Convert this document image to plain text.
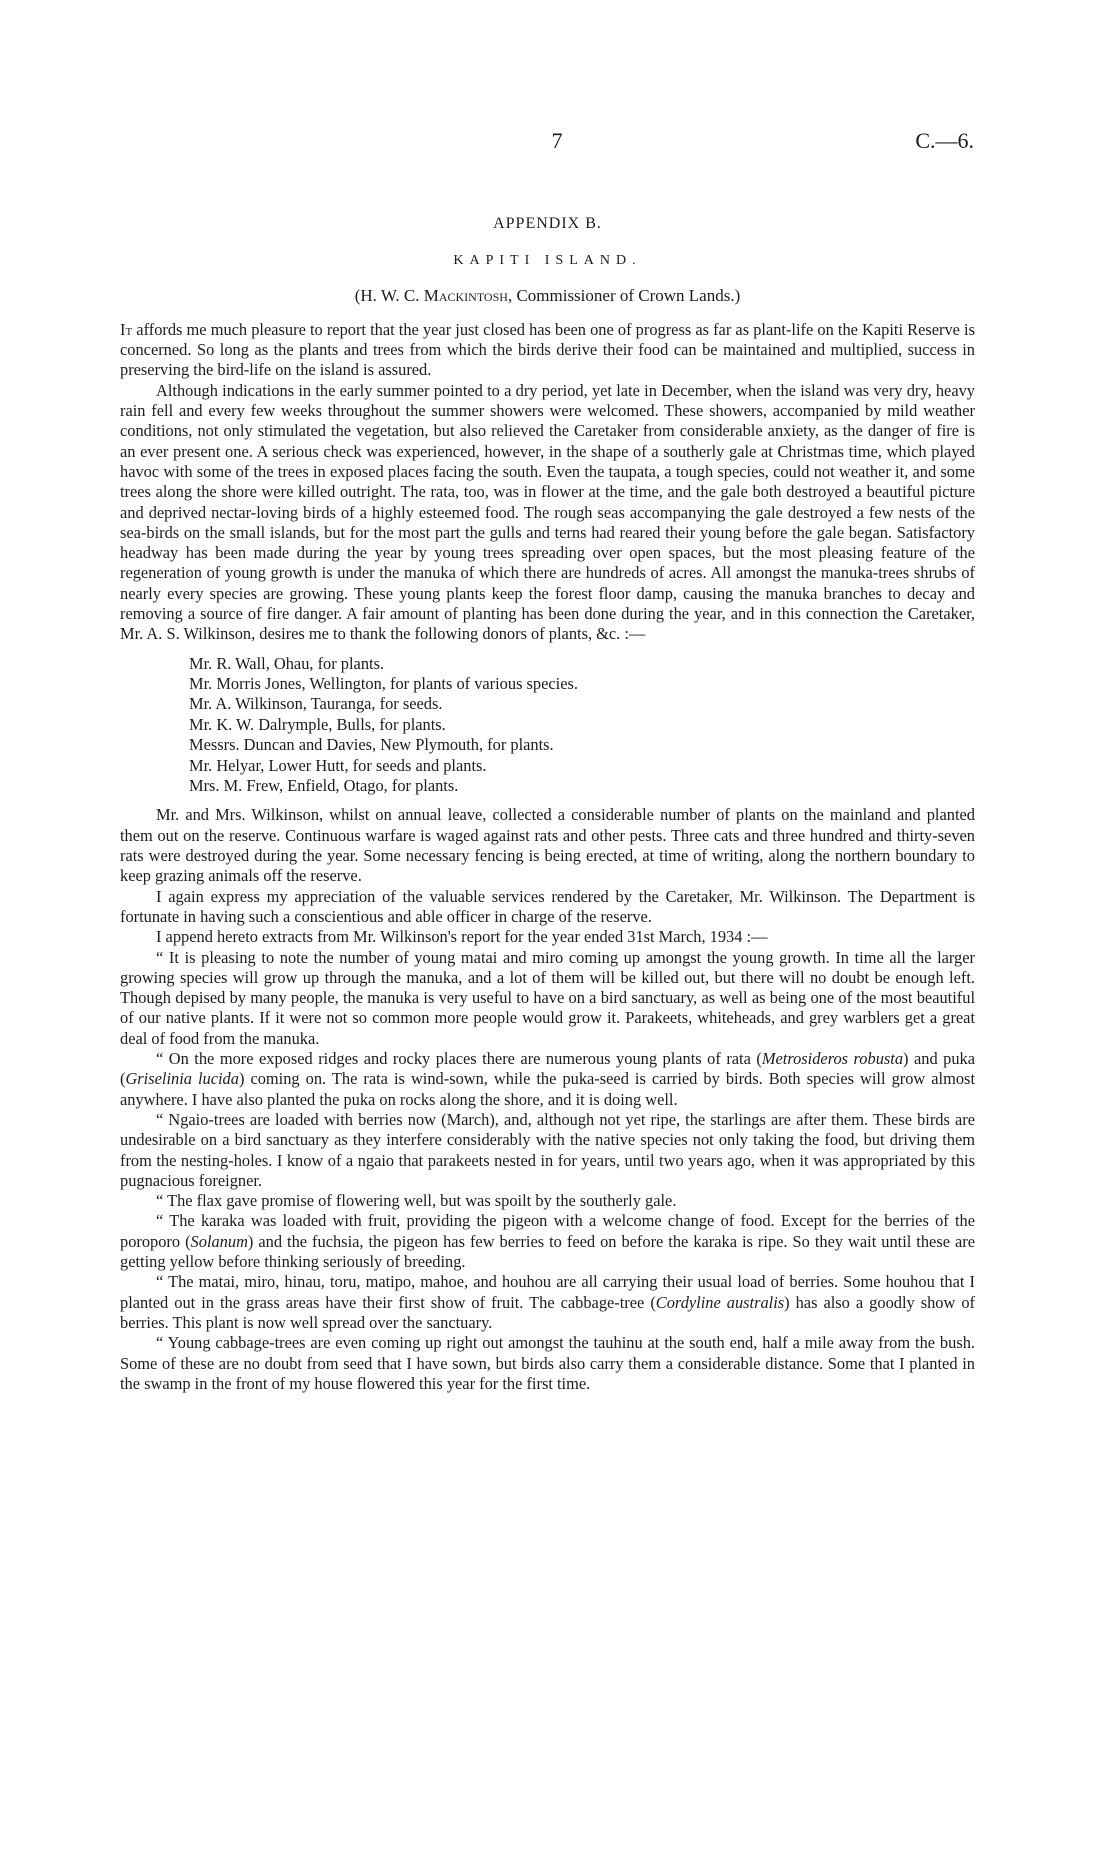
7	C.—6.
APPENDIX B.
KAPITI ISLAND.
(H. W. C. Mackintosh, Commissioner of Crown Lands.)

It affords me much pleasure to report that the year just closed has been one of progress as far as plant-life on the Kapiti Reserve is concerned. So long as the plants and trees from which the birds derive their food can be maintained and multiplied, success in preserving the bird-life on the island is assured.

Although indications in the early summer pointed to a dry period, yet late in December, when the island was very dry, heavy rain fell and every few weeks throughout the summer showers were welcomed. These showers, accompanied by mild weather conditions, not only stimulated the vegetation, but also relieved the Caretaker from considerable anxiety, as the danger of fire is an ever present one. A serious check was experienced, however, in the shape of a southerly gale at Christmas time, which played havoc with some of the trees in exposed places facing the south. Even the taupata, a tough species, could not weather it, and some trees along the shore were killed outright. The rata, too, was in flower at the time, and the gale both destroyed a beautiful picture and deprived nectar-loving birds of a highly esteemed food. The rough seas accompanying the gale destroyed a few nests of the sea-birds on the small islands, but for the most part the gulls and terns had reared their young before the gale began. Satisfactory headway has been made during the year by young trees spreading over open spaces, but the most pleasing feature of the regeneration of young growth is under the manuka of which there are hundreds of acres. All amongst the manuka-trees shrubs of nearly every species are growing. These young plants keep the forest floor damp, causing the manuka branches to decay and removing a source of fire danger. A fair amount of planting has been done during the year, and in this connection the Caretaker, Mr. A. S. Wilkinson, desires me to thank the following donors of plants, &c. :—

Mr. R. Wall, Ohau, for plants.
Mr. Morris Jones, Wellington, for plants of various species.
Mr. A. Wilkinson, Tauranga, for seeds.
Mr. K. W. Dalrymple, Bulls, for plants.
Messrs. Duncan and Davies, New Plymouth, for plants.
Mr. Helyar, Lower Hutt, for seeds and plants.
Mrs. M. Frew, Enfield, Otago, for plants.

Mr. and Mrs. Wilkinson, whilst on annual leave, collected a considerable number of plants on the mainland and planted them out on the reserve. Continuous warfare is waged against rats and other pests. Three cats and three hundred and thirty-seven rats were destroyed during the year. Some necessary fencing is being erected, at time of writing, along the northern boundary to keep grazing animals off the reserve.

I again express my appreciation of the valuable services rendered by the Caretaker, Mr. Wilkinson. The Department is fortunate in having such a conscientious and able officer in charge of the reserve.

I append hereto extracts from Mr. Wilkinson's report for the year ended 31st March, 1934 :—

“ It is pleasing to note the number of young matai and miro coming up amongst the young growth. In time all the larger growing species will grow up through the manuka, and a lot of them will be killed out, but there will no doubt be enough left. Though depised by many people, the manuka is very useful to have on a bird sanctuary, as well as being one of the most beautiful of our native plants. If it were not so common more people would grow it. Parakeets, whiteheads, and grey warblers get a great deal of food from the manuka.

“ On the more exposed ridges and rocky places there are numerous young plants of rata (Metrosideros robusta) and puka (Griselinia lucida) coming on. The rata is wind-sown, while the puka-seed is carried by birds. Both species will grow almost anywhere. I have also planted the puka on rocks along the shore, and it is doing well.

“ Ngaio-trees are loaded with berries now (March), and, although not yet ripe, the starlings are after them. These birds are undesirable on a bird sanctuary as they interfere considerably with the native species not only taking the food, but driving them from the nesting-holes. I know of a ngaio that parakeets nested in for years, until two years ago, when it was appropriated by this pugnacious foreigner.

“ The flax gave promise of flowering well, but was spoilt by the southerly gale.

“ The karaka was loaded with fruit, providing the pigeon with a welcome change of food. Except for the berries of the poroporo (Solanum) and the fuchsia, the pigeon has few berries to feed on before the karaka is ripe. So they wait until these are getting yellow before thinking seriously of breeding.

“ The matai, miro, hinau, toru, matipo, mahoe, and houhou are all carrying their usual load of berries. Some houhou that I planted out in the grass areas have their first show of fruit. The cabbage-tree (Cordyline australis) has also a goodly show of berries. This plant is now well spread over the sanctuary.

“ Young cabbage-trees are even coming up right out amongst the tauhinu at the south end, half a mile away from the bush. Some of these are no doubt from seed that I have sown, but birds also carry them a considerable distance. Some that I planted in the swamp in the front of my house flowered this year for the first time.
